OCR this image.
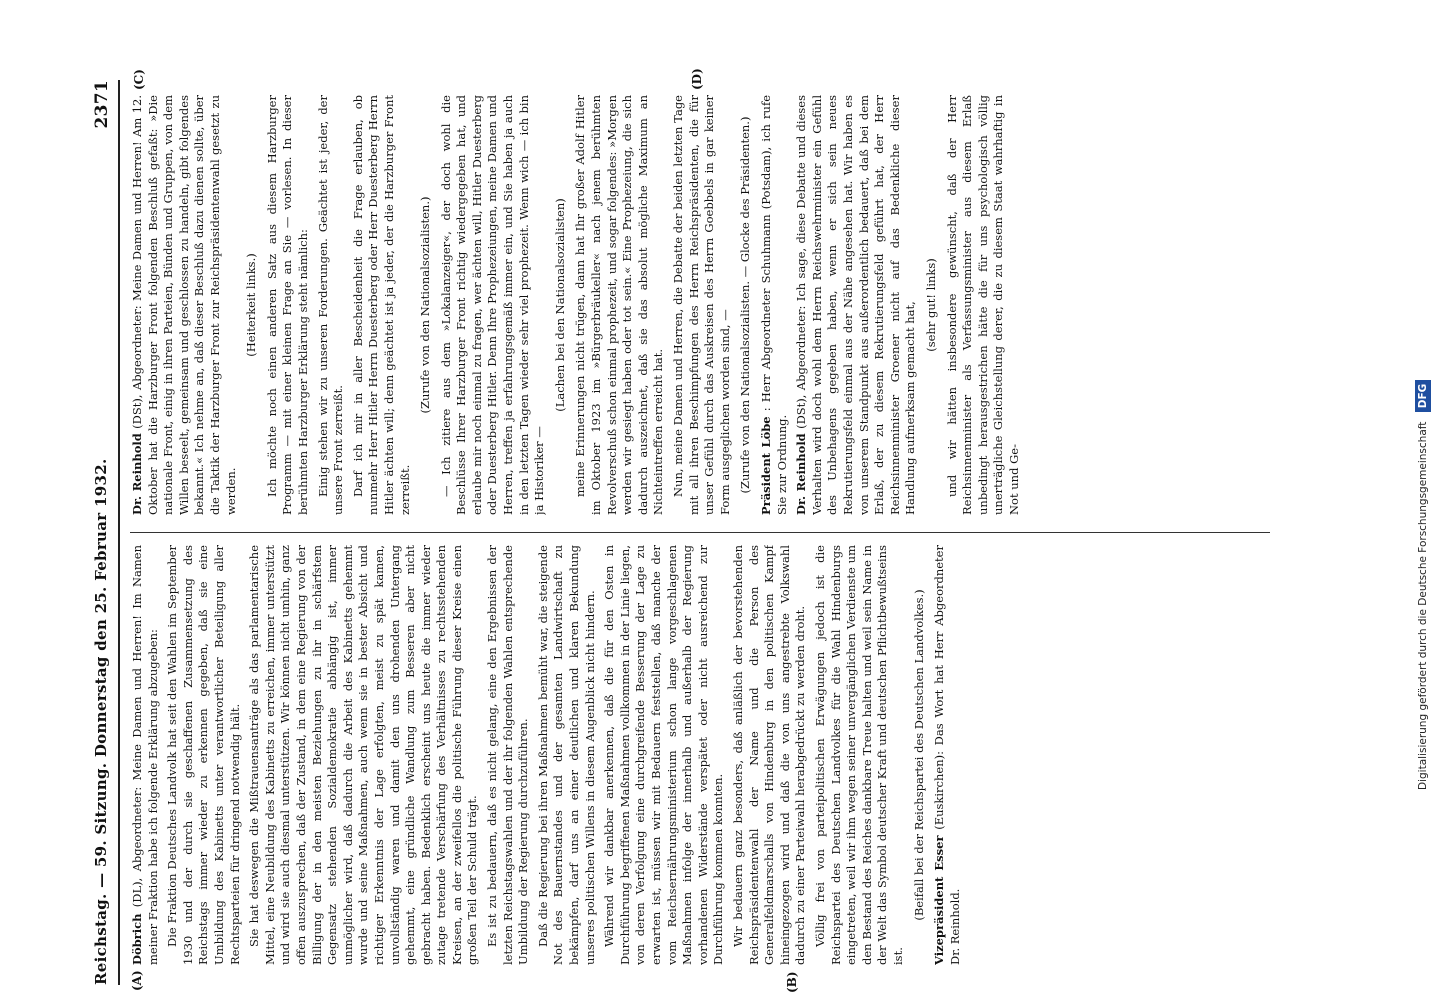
Reichstag. — 59. Sitzung. Donnerstag den 25. Februar 1932.
2371
(A)	(B)
(C)	(D)

Döbrich (DL), Abgeordneter: Meine Damen und Herren! Im Namen meiner Fraktion habe ich folgende Erklärung abzugeben: Die Fraktion Deutsches Landvolk hat seit den Wahlen im September 1930 und der durch sie geschaffenen Zusammensetzung des Reichstags immer wieder zu erkennen gegeben, daß sie eine Umbildung des Kabinetts unter verantwortlicher Beteiligung aller Rechtsparteien für dringend notwendig hält. Sie hat deswegen die Mißtrauensanträge als das parlamentarische Mittel, eine Neubildung des Kabinetts zu erreichen, immer unterstützt und wird sie auch diesmal unterstützen. Wir können nicht umhin, ganz offen auszusprechen, daß der Zustand, in dem eine Regierung von der Billigung der in den meisten Beziehungen zu ihr in schärfstem Gegensatz stehenden Sozialdemokratie abhängig ist, immer unmöglicher wird, daß dadurch die Arbeit des Kabinetts gehemmt wurde und seine Maßnahmen, auch wenn sie in bester Absicht und richtiger Erkenntnis der Lage erfolgten, meist zu spät kamen, unvollständig waren und damit den uns drohenden Untergang gehemmt, eine gründliche Wandlung zum Besseren aber nicht gebracht haben. Bedenklich erscheint uns heute die immer wieder zutage tretende Verschärfung des Verhältnisses zu rechtsstehenden Kreisen, an der zweifellos die politische Führung dieser Kreise einen großen Teil der Schuld trägt. Es ist zu bedauern, daß es nicht gelang, eine den Ergebnissen der letzten Reichstagswahlen und der ihr folgenden Wahlen entsprechende Umbildung der Regierung durchzuführen. Daß die Regierung bei ihren Maßnahmen bemüht war, die steigende Not des Bauernstandes und der gesamten Landwirtschaft zu bekämpfen, darf uns an einer deutlichen und klaren Bekundung unseres politischen Willens in diesem Augenblick nicht hindern. Während wir dankbar anerkennen, daß die für den Osten in Durchführung begriffenen Maßnahmen vollkommen in der Linie liegen, von deren Verfolgung eine durchgreifende Besserung der Lage zu erwarten ist, müssen wir mit Bedauern feststellen, daß manche der vom Reichsernährungsministerium schon lange vorgeschlagenen Maßnahmen infolge der innerhalb und außerhalb der Regierung vorhandenen Widerstände verspätet oder nicht ausreichend zur Durchführung kommen konnten. Wir bedauern ganz besonders, daß anläßlich der bevorstehenden Reichspräsidentenwahl der Name und die Person des Generalfeldmarschalls von Hindenburg in den politischen Kampf hineingezogen wird und daß die von uns angestrebte Volkswahl dadurch zu einer Parteiwahl herabgedrückt zu werden droht. Völlig frei von parteipolitischen Erwägungen jedoch ist die Reichspartei des Deutschen Landvolkes für die Wahl Hindenburgs eingetreten, weil wir ihm wegen seiner unvergänglichen Verdienste um den Bestand des Reiches dankbare Treue halten und weil sein Name in der Welt das Symbol deutscher Kraft und deutschen Pflichtbewußtseins ist.

(Beifall bei der Reichspartei des Deutschen Landvolkes.) Vizepräsident Esser (Euskirchen): Das Wort hat Herr Abgeordneter Dr. Reinhold.

Dr. Reinhold (DSt), Abgeordneter: Meine Damen und Herren! Am 12. Oktober hat die Harzburger Front folgenden Beschluß gefaßt: »Die nationale Front, einig in ihren Parteien, Bünden und Gruppen, von dem Willen beseelt, gemeinsam und geschlossen zu handeln, gibt folgendes bekannt.« Ich nehme an, daß dieser Beschluß dazu dienen sollte, über die Taktik der Harzburger Front zur Reichspräsidentenwahl gesetzt zu werden.

(Heiterkeit links.) Ich möchte noch einen anderen Satz aus diesem Harzburger Programm — mit einer kleinen Frage an Sie — vorlesen. In dieser berühmten Harzburger Erklärung steht nämlich: Einig stehen wir zu unseren Forderungen. Geächtet ist jeder, der unsere Front zerreißt. Darf ich mir in aller Bescheidenheit die Frage erlauben, ob nunmehr Herr Hitler Herrn Duesterberg oder Herr Duesterberg Herrn Hitler ächten will; denn geächtet ist ja jeder, der die Harzburger Front zerreißt.

(Zurufe von den Nationalsozialisten.) — Ich zitiere aus dem »Lokalanzeiger«, der doch wohl die Beschlüsse Ihrer Harzburger Front richtig wiedergegeben hat, und erlaube mir noch einmal zu fragen, wer ächten will, Hitler Duesterberg oder Duesterberg Hitler. Denn Ihre Prophezeiungen, meine Damen und Herren, treffen ja erfahrungsgemäß immer ein, und Sie haben ja auch in den letzten Tagen wieder sehr viel prophezeit. Wenn wich — ich bin ja Historiker —

(Lachen bei den Nationalsozialisten) meine Erinnerungen nicht trügen, dann hat Ihr großer Adolf Hitler im Oktober 1923 im »Bürgerbräukeller« nach jenem berühmten Revolverschuß schon einmal prophezeit, und sogar folgendes: »Morgen werden wir gesiegt haben oder tot sein.« Eine Prophezeiung, die sich dadurch auszeichnet, daß sie das absolut mögliche Maximum an Nichteintreffen erreicht hat. Nun, meine Damen und Herren, die Debatte der beiden letzten Tage mit all ihren Beschimpfungen des Herrn Reichspräsidenten, die für unser Gefühl durch das Auskreisen des Herrn Goebbels in gar keiner Form ausgeglichen worden sind, — (Zurufe von den Nationalsozialisten. — Glocke des Präsidenten.) Präsident Löbe : Herr Abgeordneter Schuhmann (Potsdam), ich rufe Sie zur Ordnung. Dr. Reinhold (DSt), Abgeordneter: Ich sage, diese Debatte und dieses Verhalten wird doch wohl dem Herrn Reichswehrminister ein Gefühl des Unbehagens gegeben haben, wenn er sich sein neues Rekrutierungsfeld einmal aus der Nähe angesehen hat. Wir haben es von unserem Standpunkt aus außerordentlich bedauert, daß bei dem Erlaß, der zu diesem Rekrutierungsfeld geführt hat, der Herr Reichsinnenminister Groener nicht auf das Bedenkliche dieser Handlung aufmerksam gemacht hat, (sehr gut! links) und wir hätten insbesondere gewünscht, daß der Herr Reichsinnenminister als Verfassungsminister aus diesem Erlaß unbedingt herausgestrichen hätte die für uns psychologisch völlig unerträgliche Gleichstellung derer, die zu diesem Staat wahrhaftig in Not und Ge-	Digitalisierung gefördert durch die Deutsche Forschungsgemeinschaft DFG
